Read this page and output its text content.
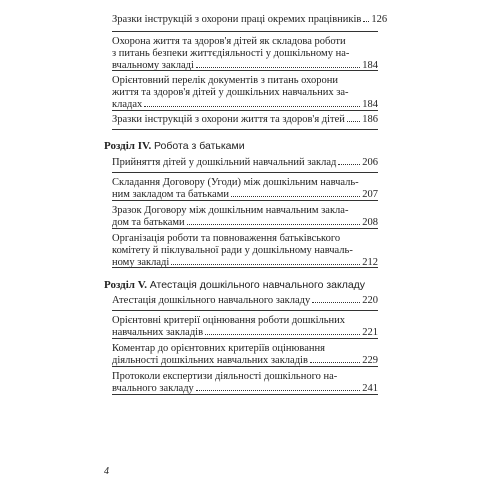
Зразки інструкцій з охорони праці окремих працівників 126
Охорона життя та здоров'я дітей як складова роботи
з питань безпеки життєдіяльності у дошкільному на-
вчальному закладі	184
Орієнтовний перелік документів з питань охорони
життя та здоров'я дітей у дошкільних навчальних за-
кладах	184
Зразки інструкцій з охорони життя та здоров'я дітей 186
Розділ IV. Робота з батьками
Прийняття дітей у дошкільний навчальний заклад 206
Складання Договору (Угоди) між дошкільним навчаль-
ним закладом та батьками	207
Зразок Договору між дошкільним навчальним закла-
дом та батьками	208
Організація роботи та повноваження батьківського
комітету й піклувальної ради у дошкільному навчаль-
ному закладі	212
Розділ V. Атестація дошкільного навчального закладу
Атестація дошкільного навчального закладу	220
Орієнтовні критерії оцінювання роботи дошкільних
навчальних закладів	221
Коментар до орієнтовних критеріїв оцінювання
діяльності дошкільних навчальних закладів	229
Протоколи експертизи діяльності дошкільного на-
вчального закладу	241
4
